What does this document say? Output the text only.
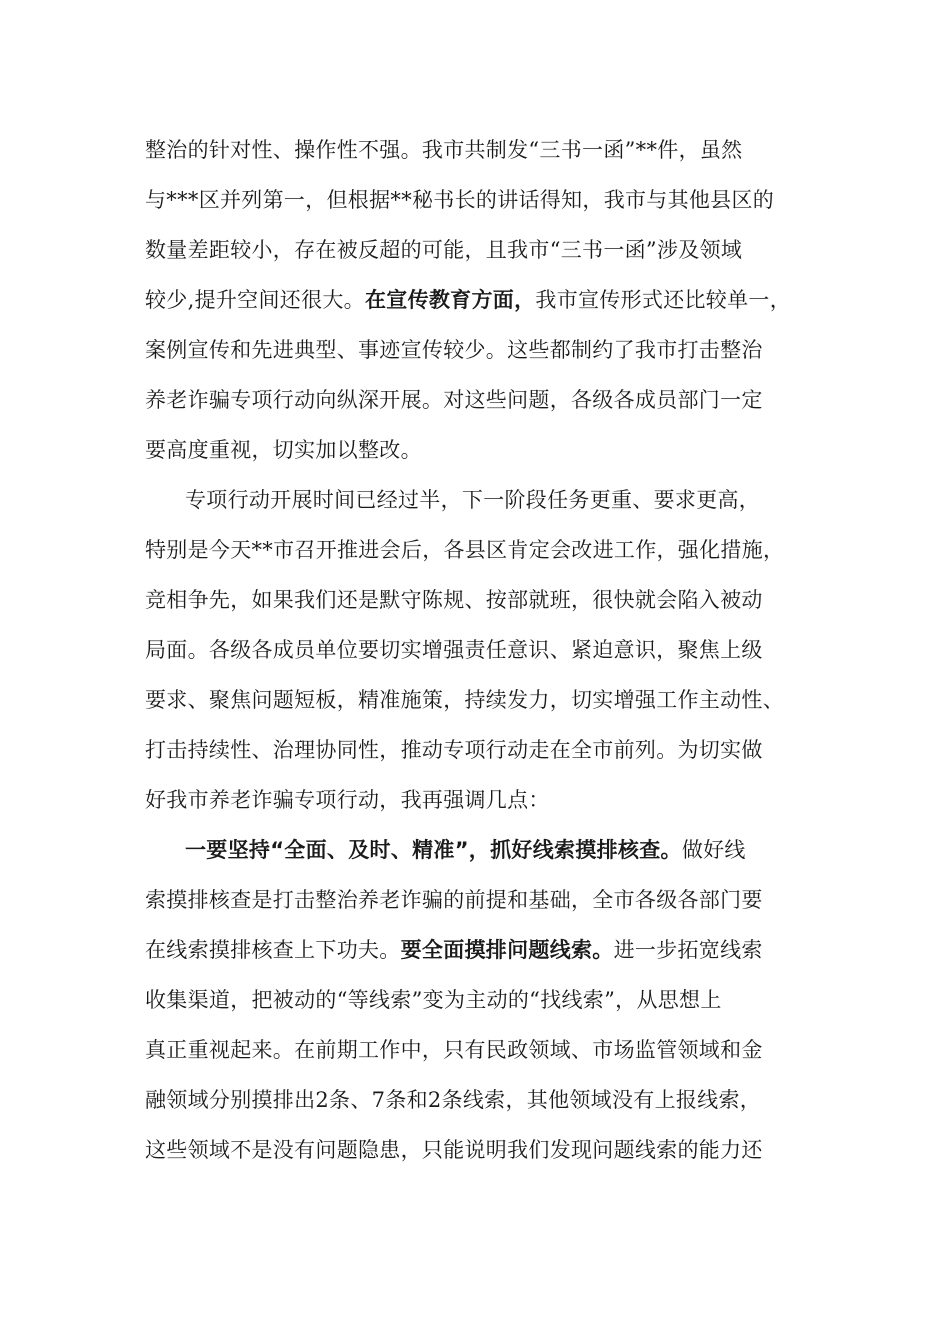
整治的针对性、操作性不强。我市共制发“三书一函”**件，虽然
与***区并列第一，但根据**秘书长的讲话得知，我市与其他县区的
数量差距较小，存在被反超的可能，且我市“三书一函”涉及领域
较少,提升空间还很大。在宣传教育方面，我市宣传形式还比较单一，
案例宣传和先进典型、事迹宣传较少。这些都制约了我市打击整治
养老诈骗专项行动向纵深开展。对这些问题，各级各成员部门一定
要高度重视，切实加以整改。
专项行动开展时间已经过半，下一阶段任务更重、要求更高，
特别是今天**市召开推进会后，各县区肯定会改进工作，强化措施，
竞相争先，如果我们还是默守陈规、按部就班，很快就会陷入被动
局面。各级各成员单位要切实增强责任意识、紧迫意识，聚焦上级
要求、聚焦问题短板，精准施策，持续发力，切实增强工作主动性、
打击持续性、治理协同性，推动专项行动走在全市前列。为切实做
好我市养老诈骗专项行动，我再强调几点：
一要坚持“全面、及时、精准”，抓好线索摸排核查。做好线
索摸排核查是打击整治养老诈骗的前提和基础，全市各级各部门要
在线索摸排核查上下功夫。要全面摸排问题线索。进一步拓宽线索
收集渠道，把被动的“等线索”变为主动的“找线索”，从思想上
真正重视起来。在前期工作中，只有民政领域、市场监管领域和金
融领域分别摸排出2条、7条和2条线索，其他领域没有上报线索，
这些领域不是没有问题隐患，只能说明我们发现问题线索的能力还
